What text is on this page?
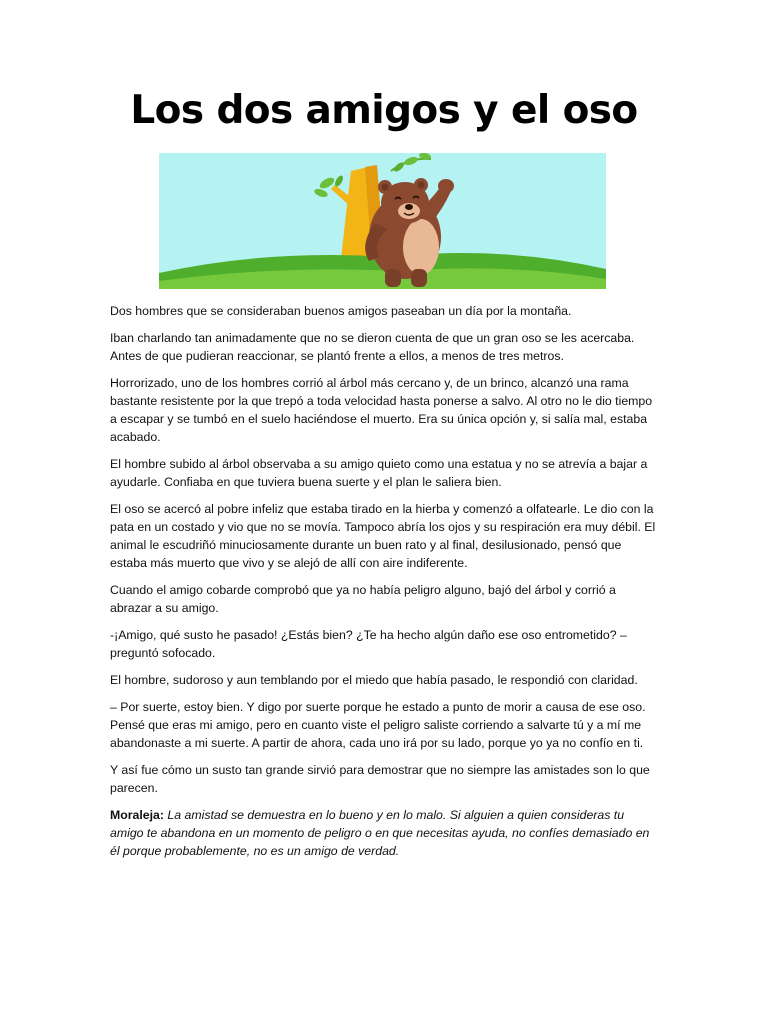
Los dos amigos y el oso

Dos hombres que se consideraban buenos amigos paseaban un día por la montaña.

Iban charlando tan animadamente que no se dieron cuenta de que un gran oso se les acercaba. Antes de que pudieran reaccionar, se plantó frente a ellos, a menos de tres metros.

Horrorizado, uno de los hombres corrió al árbol más cercano y, de un brinco, alcanzó una rama bastante resistente por la que trepó a toda velocidad hasta ponerse a salvo. Al otro no le dio tiempo a escapar y se tumbó en el suelo haciéndose el muerto. Era su única opción y, si salía mal, estaba acabado.

El hombre subido al árbol observaba a su amigo quieto como una estatua y no se atrevía a bajar a ayudarle. Confiaba en que tuviera buena suerte y el plan le saliera bien.

El oso se acercó al pobre infeliz que estaba tirado en la hierba y comenzó a olfatearle. Le dio con la pata en un costado y vio que no se movía. Tampoco abría los ojos y su respiración era muy débil. El animal le escudriñó minuciosamente durante un buen rato y al final, desilusionado, pensó que estaba más muerto que vivo y se alejó de allí con aire indiferente.

Cuando el amigo cobarde comprobó que ya no había peligro alguno, bajó del árbol y corrió a abrazar a su amigo.

-¡Amigo, qué susto he pasado! ¿Estás bien? ¿Te ha hecho algún daño ese oso entrometido? – preguntó sofocado.

El hombre, sudoroso y aun temblando por el miedo que había pasado, le respondió con claridad.

– Por suerte, estoy bien. Y digo por suerte porque he estado a punto de morir a causa de ese oso. Pensé que eras mi amigo, pero en cuanto viste el peligro saliste corriendo a salvarte tú y a mí me abandonaste a mi suerte. A partir de ahora, cada uno irá por su lado, porque yo ya no confío en ti.

Y así fue cómo un susto tan grande sirvió para demostrar que no siempre las amistades son lo que parecen.

Moraleja: La amistad se demuestra en lo bueno y en lo malo. Si alguien a quien consideras tu amigo te abandona en un momento de peligro o en que necesitas ayuda, no confíes demasiado en él porque probablemente, no es un amigo de verdad.
